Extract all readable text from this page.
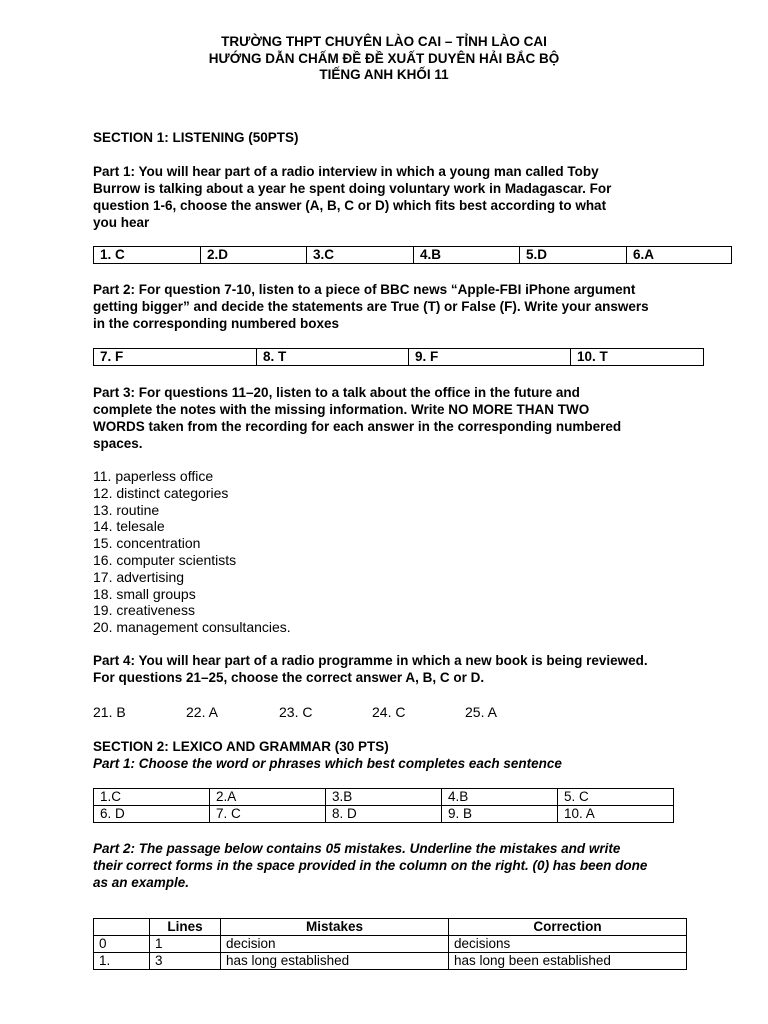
TRƯỜNG THPT CHUYÊN LÀO CAI – TỈNH LÀO CAI
HƯỚNG DẪN CHẤM ĐỀ ĐỀ XUẤT DUYÊN HẢI BẮC BỘ
TIẾNG ANH KHỐI 11
SECTION 1: LISTENING (50PTS)
Part 1: You will hear part of a radio interview in which a young man called Toby
Burrow is talking about a year he spent doing voluntary work in Madagascar. For
question 1-6, choose the answer (A, B, C or D) which fits best according to what
you hear
1. C	2.D	3.C	4.B	5.D	6.A
Part 2: For question 7-10, listen to a piece of BBC news “Apple-FBI iPhone argument
getting bigger” and decide the statements are True (T) or False (F). Write your answers
in the corresponding numbered boxes
7. F	8. T	9. F	10. T
Part 3: For questions 11–20, listen to a talk about the office in the future and
complete the notes with the missing information. Write NO MORE THAN TWO
WORDS taken from the recording for each answer in the corresponding numbered
spaces.
11. paperless office
12. distinct categories
13. routine
14. telesale
15. concentration
16. computer scientists
17. advertising
18. small groups
19. creativeness
20. management consultancies.
Part 4: You will hear part of a radio programme in which a new book is being reviewed.
For questions 21–25, choose the correct answer A, B, C or D.
21. B	22. A	23. C	24. C	25. A
SECTION 2: LEXICO AND GRAMMAR (30 PTS)
Part 1: Choose the word or phrases which best completes each sentence
1.C	2.A	3.B	4.B	5. C
6. D	7. C	8. D	9. B	10. A
Part 2: The passage below contains 05 mistakes. Underline the mistakes and write
their correct forms in the space provided in the column on the right. (0) has been done
as an example.
	Lines	Mistakes	Correction
0	1	decision	decisions
1.	3	has long established	has long been established
